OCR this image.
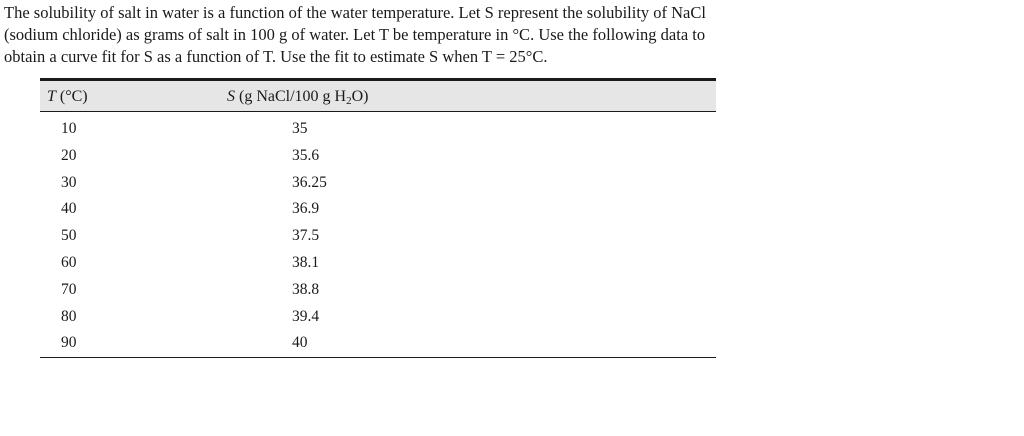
The solubility of salt in water is a function of the water temperature. Let S represent the solubility of NaCl

(sodium chloride) as grams of salt in 100 g of water. Let T be temperature in °C. Use the following data to

obtain a curve fit for S as a function of T. Use the fit to estimate S when T = 25°C.

T (°C)	S (g NaCl/100 g $H_2O$)
10	35
20	35.6
30	36.25
40	36.9
50	37.5
60	38.1
70	38.8
80	39.4
90	40
